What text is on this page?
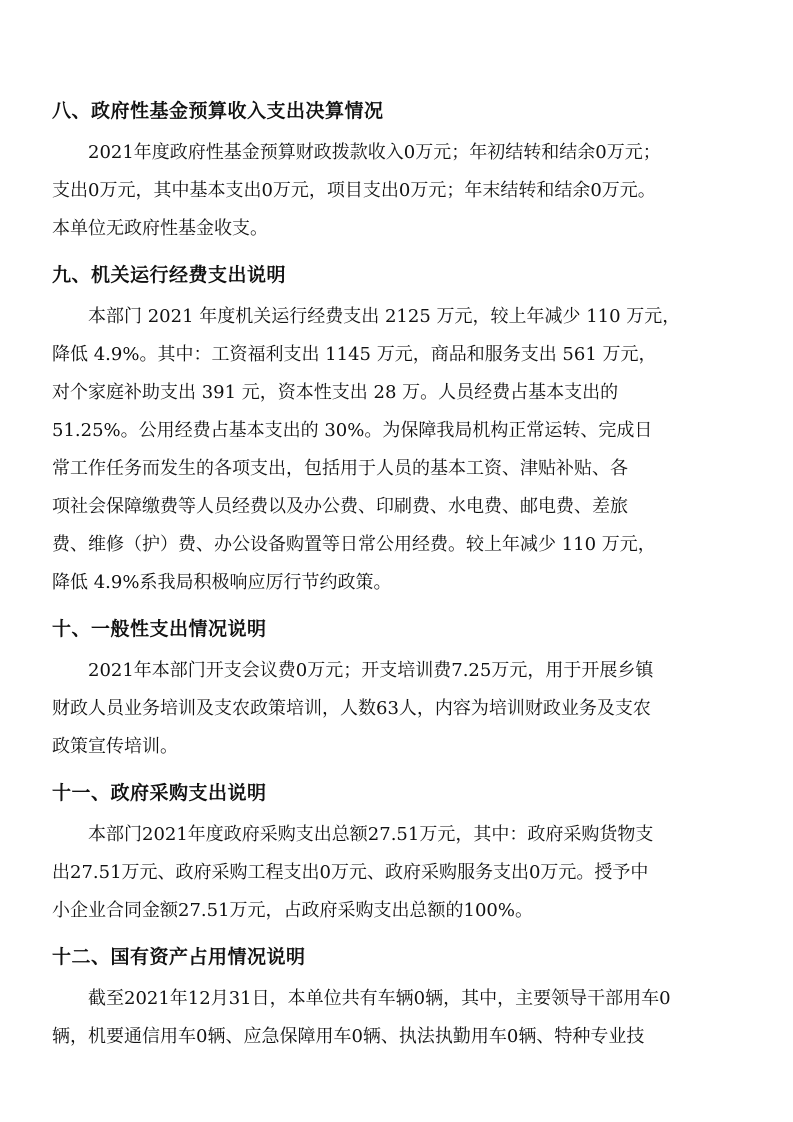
八、政府性基金预算收入支出决算情况
2021年度政府性基金预算财政拨款收入0万元；年初结转和结余0万元；
支出0万元，其中基本支出0万元，项目支出0万元；年末结转和结余0万元。
本单位无政府性基金收支。
九、机关运行经费支出说明
本部门 2021 年度机关运行经费支出 2125 万元，较上年减少 110 万元，
降低 4.9%。其中：工资福利支出 1145 万元，商品和服务支出 561 万元，
对个家庭补助支出 391 元，资本性支出 28 万。人员经费占基本支出的
51.25%。公用经费占基本支出的 30%。为保障我局机构正常运转、完成日
常工作任务而发生的各项支出，包括用于人员的基本工资、津贴补贴、各
项社会保障缴费等人员经费以及办公费、印刷费、水电费、邮电费、差旅
费、维修（护）费、办公设备购置等日常公用经费。较上年减少 110 万元，
降低 4.9%系我局积极响应厉行节约政策。
十、一般性支出情况说明
2021年本部门开支会议费0万元；开支培训费7.25万元，用于开展乡镇
财政人员业务培训及支农政策培训，人数63人，内容为培训财政业务及支农
政策宣传培训。
十一、政府采购支出说明
本部门2021年度政府采购支出总额27.51万元，其中：政府采购货物支
出27.51万元、政府采购工程支出0万元、政府采购服务支出0万元。授予中
小企业合同金额27.51万元，占政府采购支出总额的100%。
十二、国有资产占用情况说明
截至2021年12月31日，本单位共有车辆0辆，其中，主要领导干部用车0
辆，机要通信用车0辆、应急保障用车0辆、执法执勤用车0辆、特种专业技
